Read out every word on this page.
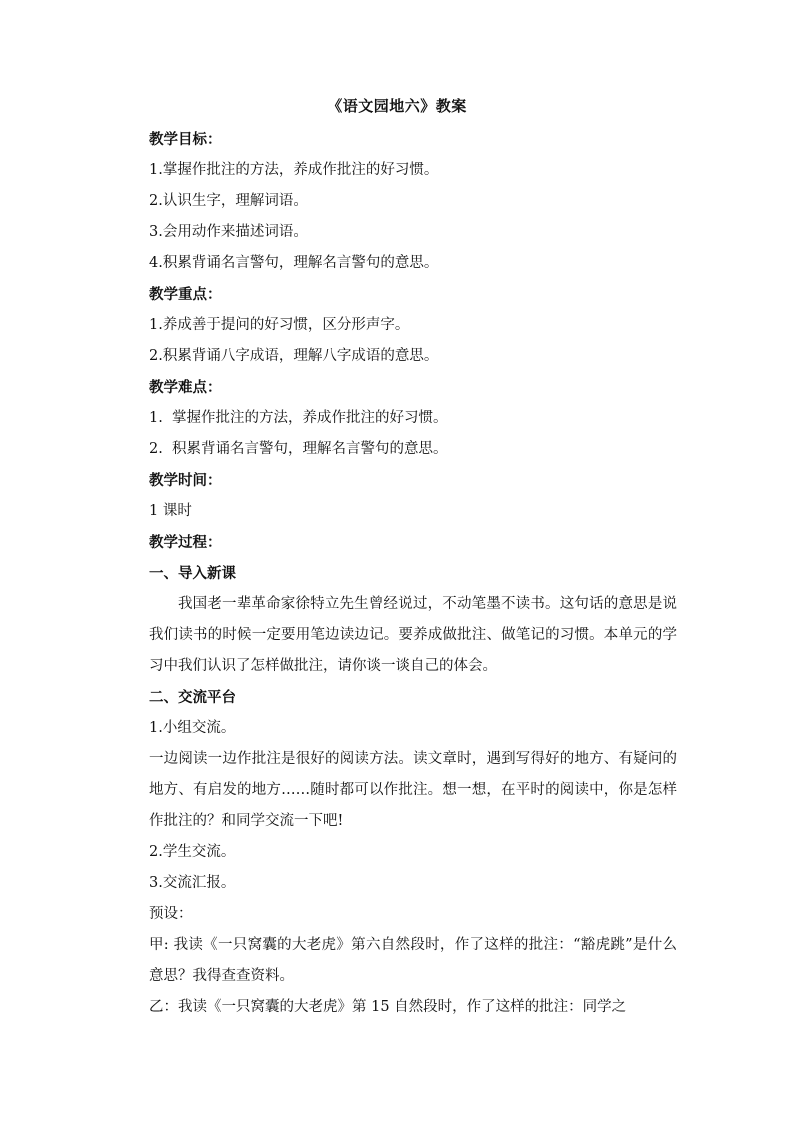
《语文园地六》教案

教学目标：

1.掌握作批注的方法，养成作批注的好习惯。

2.认识生字，理解词语。

3.会用动作来描述词语。

4.积累背诵名言警句，理解名言警句的意思。

教学重点：

1.养成善于提问的好习惯，区分形声字。

2.积累背诵八字成语，理解八字成语的意思。

教学难点：

1.  掌握作批注的方法，养成作批注的好习惯。

2.  积累背诵名言警句，理解名言警句的意思。

教学时间：

1 课时

教学过程：

一、导入新课

我国老一辈革命家徐特立先生曾经说过，不动笔墨不读书。这句话的意思是说我们读书的时候一定要用笔边读边记。要养成做批注、做笔记的习惯。本单元的学习中我们认识了怎样做批注，请你谈一谈自己的体会。

二、交流平台

1.小组交流。

一边阅读一边作批注是很好的阅读方法。读文章时，遇到写得好的地方、有疑问的地方、有启发的地方……随时都可以作批注。想一想，在平时的阅读中，你是怎样作批注的？和同学交流一下吧!

2.学生交流。

3.交流汇报。

预设：

甲: 我读《一只窝囊的大老虎》第六自然段时，作了这样的批注：“豁虎跳”是什么意思？我得查查资料。

乙：我读《一只窝囊的大老虎》第 15 自然段时，作了这样的批注：同学之
